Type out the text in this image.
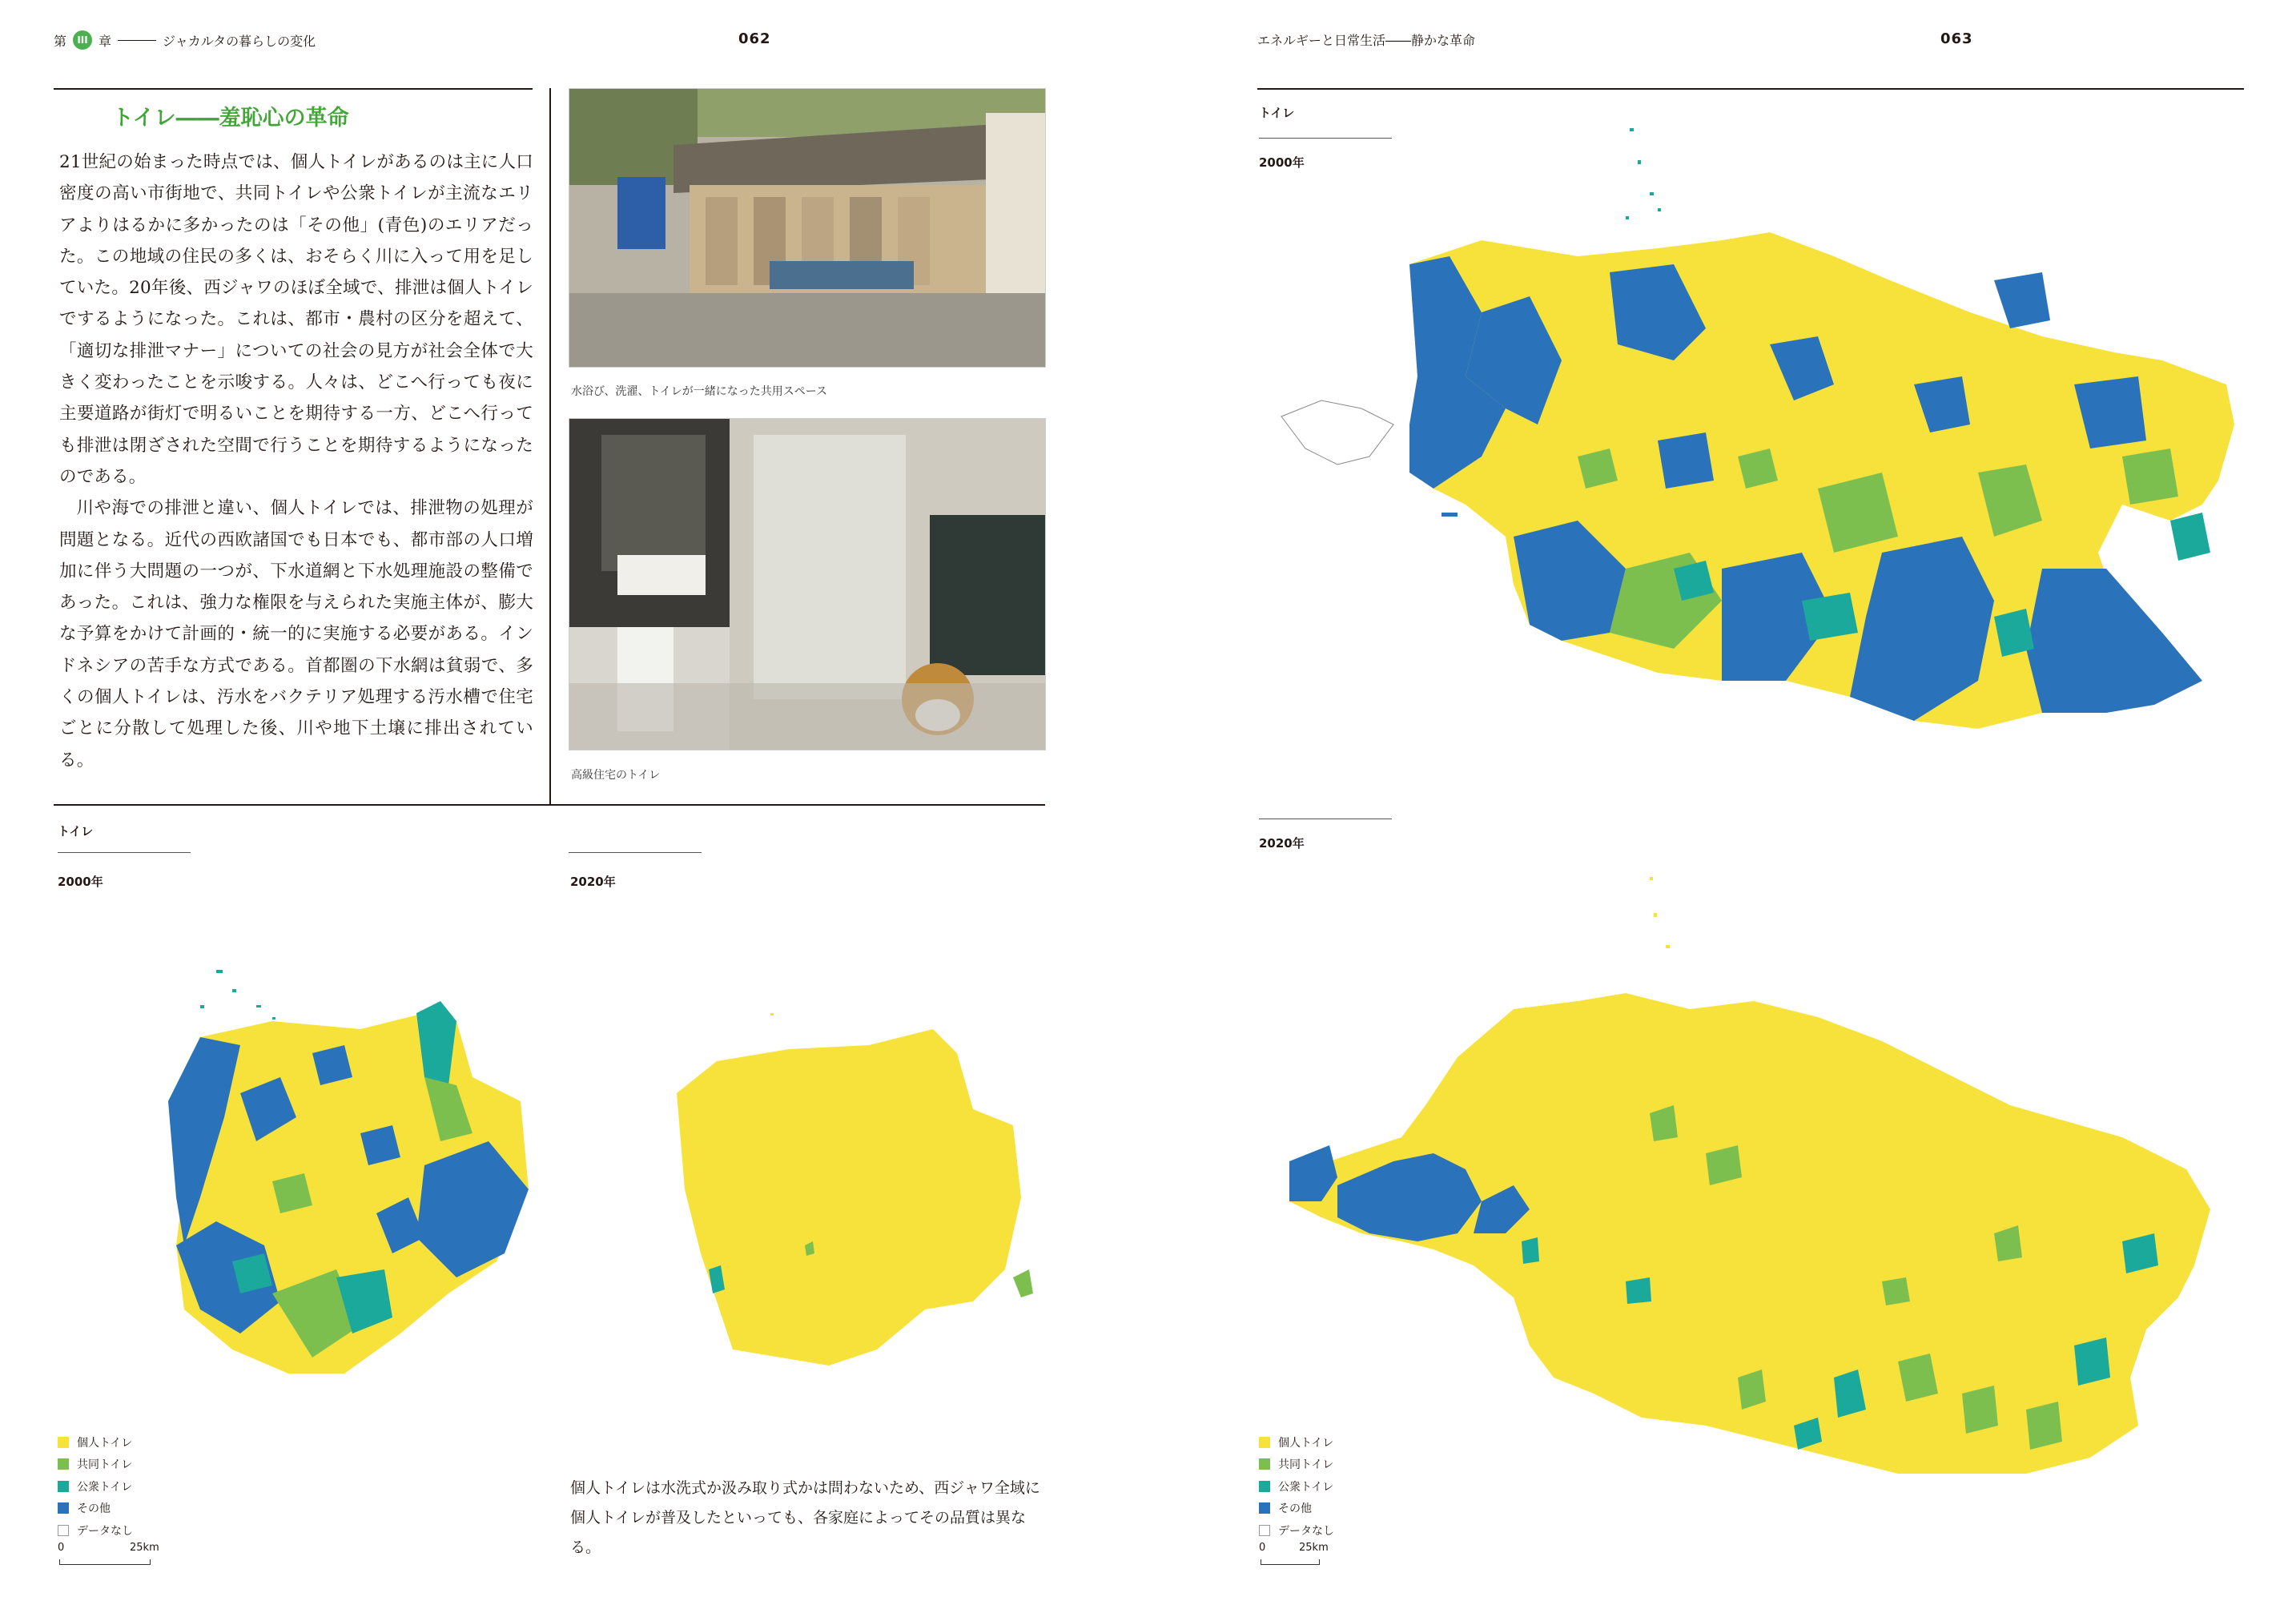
第	III 章	ジャカルタの暮らしの変化	062
トイレ――羞恥心の革命

21世紀の始まった時点では、個人トイレがあるのは主に人口密度の高い市街地で、共同トイレや公衆トイレが主流なエリアよりはるかに多かったのは「その他」(青色)のエリアだった。この地域の住民の多くは、おそらく川に入って用を足していた。20年後、西ジャワのほぼ全域で、排泄は個人トイレでするようになった。これは、都市・農村の区分を超えて、「適切な排泄マナー」についての社会の見方が社会全体で大きく変わったことを示唆する。人々は、どこへ行っても夜に主要道路が街灯で明るいことを期待する一方、どこへ行っても排泄は閉ざされた空間で行うことを期待するようになったのである。

川や海での排泄と違い、個人トイレでは、排泄物の処理が問題となる。近代の西欧諸国でも日本でも、都市部の人口増加に伴う大問題の一つが、下水道網と下水処理施設の整備であった。これは、強力な権限を与えられた実施主体が、膨大な予算をかけて計画的・統一的に実施する必要がある。インドネシアの苦手な方式である。首都圏の下水網は貧弱で、多くの個人トイレは、汚水をバクテリア処理する汚水槽で住宅ごとに分散して処理した後、川や地下土壌に排出されている。

水浴び、洗濯、トイレが一緒になった共用スペース
高級住宅のトイレ
トイレ
2000年	2020年
個人トイレ
共同トイレ
公衆トイレ
その他
データなし
0	25km
個人トイレは水洗式か汲み取り式かは問わないため、西ジャワ全域に個人トイレが普及したといっても、各家庭によってその品質は異なる。
エネルギーと日常生活――静かな革命	063
トイレ
2000年
2020年
個人トイレ
共同トイレ
公衆トイレ
その他
データなし
0	25km
